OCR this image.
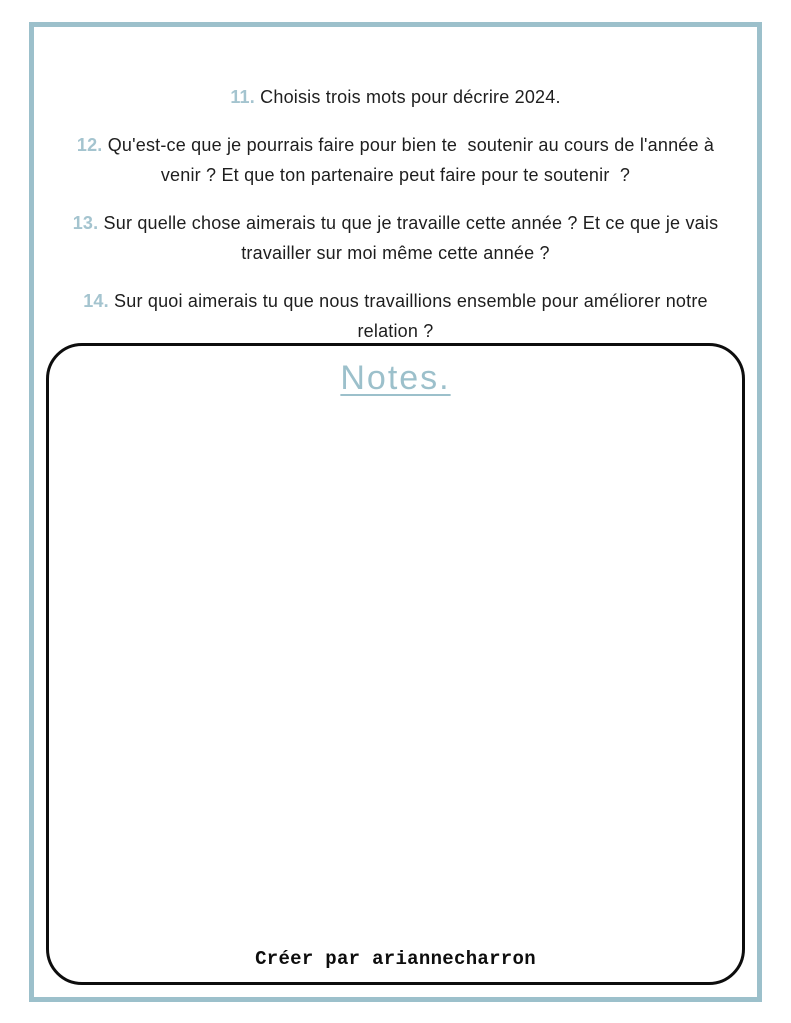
11. Choisis trois mots pour décrire 2024.
12. Qu'est-ce que je pourrais faire pour bien te  soutenir au cours de l'année à
venir ? Et que ton partenaire peut faire pour te soutenir  ?
13. Sur quelle chose aimerais tu que je travaille cette année ? Et ce que je vais
travailler sur moi même cette année ?
14. Sur quoi aimerais tu que nous travaillions ensemble pour améliorer notre
relation ?
Notes.
Créer par ariannecharron
